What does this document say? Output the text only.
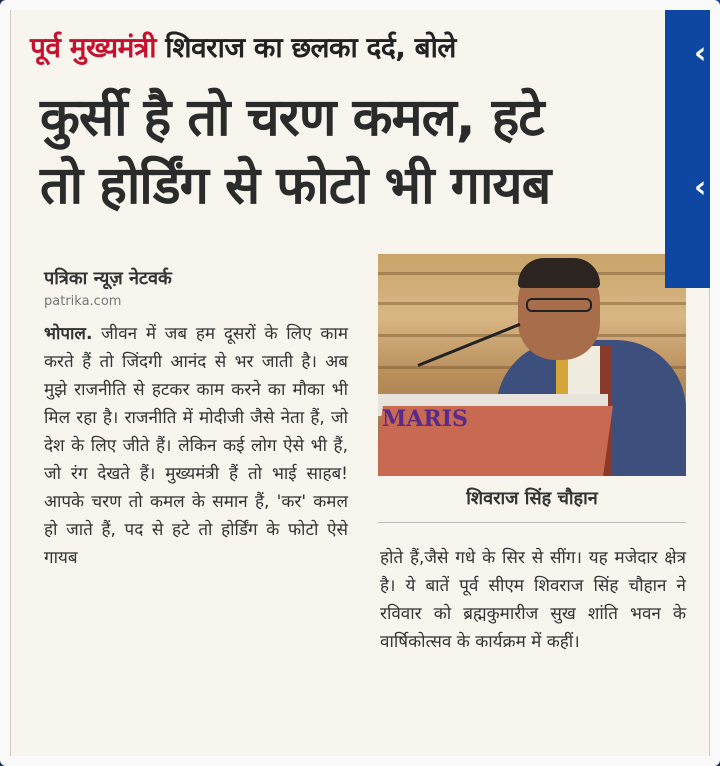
पूर्व मुख्यमंत्री शिवराज का छलका दर्द, बोले
कुर्सी है तो चरण कमल, हटे
तो होर्डिंग से फोटो भी गायब
पत्रिका न्यूज़ नेटवर्क
patrika.com
भोपाल. जीवन में जब हम दूसरों के लिए काम करते हैं तो जिंदगी आनंद से भर जाती है। अब मुझे राजनीति से हटकर काम करने का मौका भी मिल रहा है। राजनीति में मोदीजी जैसे नेता हैं, जो देश के लिए जीते हैं। लेकिन कई लोग ऐसे भी हैं, जो रंग देखते हैं। मुख्यमंत्री हैं तो भाई साहब! आपके चरण तो कमल के समान हैं, 'कर' कमल हो जाते हैं, पद से हटे तो होर्डिंग के फोटो ऐसे गायब
MARIS
शिवराज सिंह चौहान
होते हैं,जैसे गधे के सिर से सींग। यह मजेदार क्षेत्र है। ये बातें पूर्व सीएम शिवराज सिंह चौहान ने रविवार को ब्रह्मकुमारीज सुख शांति भवन के वार्षिकोत्सव के कार्यक्रम में कहीं।
‹
‹
